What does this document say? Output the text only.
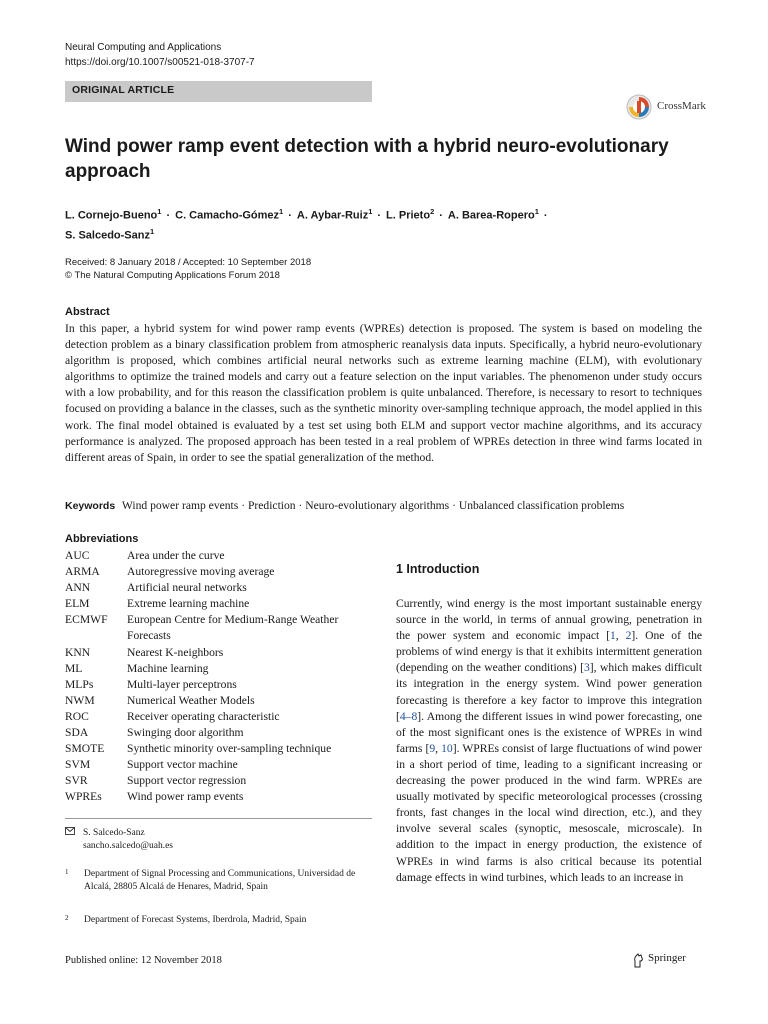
Neural Computing and Applications
https://doi.org/10.1007/s00521-018-3707-7
ORIGINAL ARTICLE
CrossMark
Wind power ramp event detection with a hybrid neuro-evolutionary approach
L. Cornejo-Bueno$^1$ · C. Camacho-Gómez$^1$ · A. Aybar-Ruiz$^1$ · L. Prieto$^2$ · A. Barea-Ropero$^1$ ·
S. Salcedo-Sanz$^1$
Received: 8 January 2018 / Accepted: 10 September 2018
© The Natural Computing Applications Forum 2018
Abstract
In this paper, a hybrid system for wind power ramp events (WPREs) detection is proposed. The system is based on modeling the detection problem as a binary classification problem from atmospheric reanalysis data inputs. Specifically, a hybrid neuro-evolutionary algorithm is proposed, which combines artificial neural networks such as extreme learning machine (ELM), with evolutionary algorithms to optimize the trained models and carry out a feature selection on the input variables. The phenomenon under study occurs with a low probability, and for this reason the classification problem is quite unbalanced. Therefore, is necessary to resort to techniques focused on providing a balance in the classes, such as the synthetic minority over-sampling technique approach, the model applied in this work. The final model obtained is evaluated by a test set using both ELM and support vector machine algorithms, and its accuracy performance is analyzed. The proposed approach has been tested in a real problem of WPREs detection in three wind farms located in different areas of Spain, in order to see the spatial generalization of the method.
Keywords Wind power ramp events · Prediction · Neuro-evolutionary algorithms · Unbalanced classification problems
Abbreviations
AUC	Area under the curve
ARMA	Autoregressive moving average
ANN	Artificial neural networks
ELM	Extreme learning machine
ECMWF	European Centre for Medium-Range Weather Forecasts
KNN	Nearest K-neighbors
ML	Machine learning
MLPs	Multi-layer perceptrons
NWM	Numerical Weather Models
ROC	Receiver operating characteristic
SDA	Swinging door algorithm
SMOTE	Synthetic minority over-sampling technique
SVM	Support vector machine
SVR	Support vector regression
WPREs	Wind power ramp events
S. Salcedo-Sanz
sancho.salcedo@uah.es
1 Department of Signal Processing and Communications, Universidad de Alcalá, 28805 Alcalá de Henares, Madrid, Spain
2 Department of Forecast Systems, Iberdrola, Madrid, Spain
1 Introduction
Currently, wind energy is the most important sustainable energy source in the world, in terms of annual growing, penetration in the power system and economic impact [1, 2]. One of the problems of wind energy is that it exhibits intermittent generation (depending on the weather conditions) [3], which makes difficult its integration in the energy system. Wind power generation forecasting is therefore a key factor to improve this integration [4–8]. Among the different issues in wind power forecasting, one of the most significant ones is the existence of WPREs in wind farms [9, 10]. WPREs consist of large fluctuations of wind power in a short period of time, leading to a significant increasing or decreasing the power produced in the wind farm. WPREs are usually motivated by specific meteorological processes (crossing fronts, fast changes in the local wind direction, etc.), and they involve several scales (synoptic, mesoscale, microscale). In addition to the impact in energy production, the existence of WPREs in wind farms is also critical because its potential damage effects in wind turbines, which leads to an increase in
Published online: 12 November 2018	Springer
